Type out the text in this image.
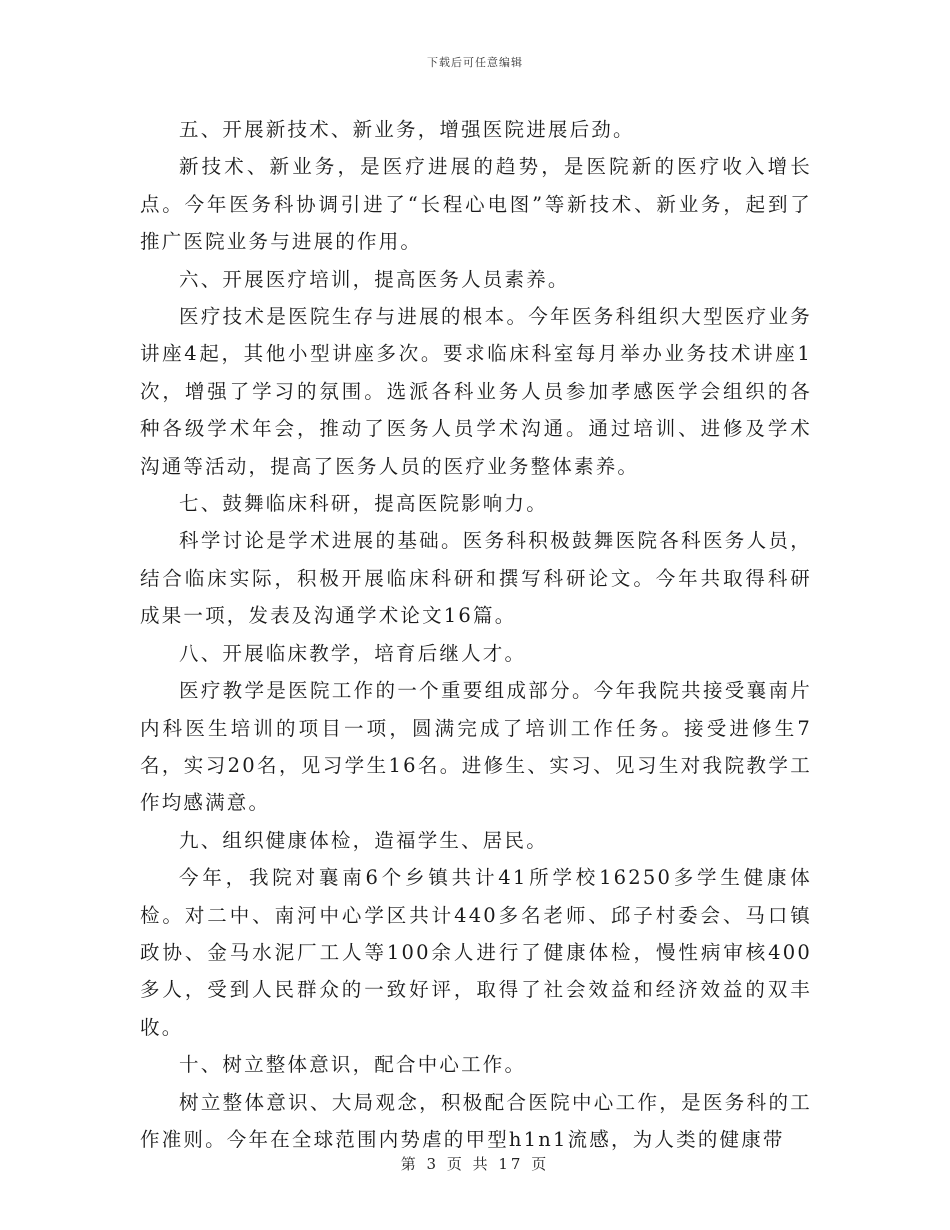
下载后可任意编辑

五、开展新技术、新业务，增强医院进展后劲。

新技术、新业务，是医疗进展的趋势，是医院新的医疗收入增长点。今年医务科协调引进了“长程心电图”等新技术、新业务，起到了推广医院业务与进展的作用。

六、开展医疗培训，提高医务人员素养。

医疗技术是医院生存与进展的根本。今年医务科组织大型医疗业务讲座4起，其他小型讲座多次。要求临床科室每月举办业务技术讲座1次，增强了学习的氛围。选派各科业务人员参加孝感医学会组织的各种各级学术年会，推动了医务人员学术沟通。通过培训、进修及学术沟通等活动，提高了医务人员的医疗业务整体素养。

七、鼓舞临床科研，提高医院影响力。

科学讨论是学术进展的基础。医务科积极鼓舞医院各科医务人员，结合临床实际，积极开展临床科研和撰写科研论文。今年共取得科研成果一项，发表及沟通学术论文16篇。

八、开展临床教学，培育后继人才。

医疗教学是医院工作的一个重要组成部分。今年我院共接受襄南片内科医生培训的项目一项，圆满完成了培训工作任务。接受进修生7名，实习20名，见习学生16名。进修生、实习、见习生对我院教学工作均感满意。

九、组织健康体检，造福学生、居民。

今年，我院对襄南6个乡镇共计41所学校16250多学生健康体检。对二中、南河中心学区共计440多名老师、邱子村委会、马口镇政协、金马水泥厂工人等100余人进行了健康体检，慢性病审核400多人，受到人民群众的一致好评，取得了社会效益和经济效益的双丰收。

十、树立整体意识，配合中心工作。

树立整体意识、大局观念，积极配合医院中心工作，是医务科的工作准则。今年在全球范围内势虐的甲型h1n1流感，为人类的健康带

第 3 页 共 17 页
